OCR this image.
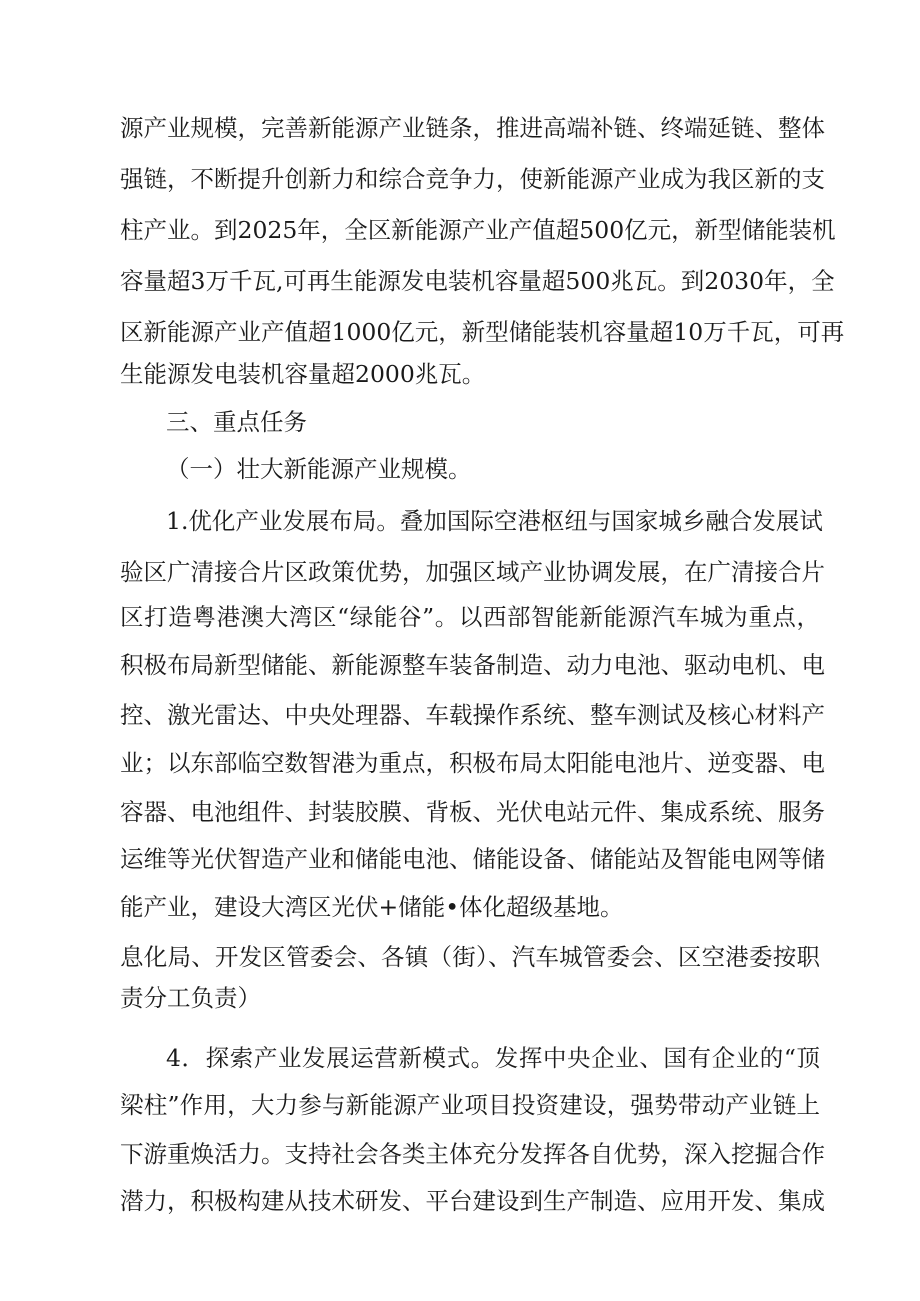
源产业规模，完善新能源产业链条，推进高端补链、终端延链、整体
强链，不断提升创新力和综合竞争力，使新能源产业成为我区新的支
柱产业。到2025年，全区新能源产业产值超500亿元，新型储能装机
容量超3万千瓦,可再生能源发电装机容量超500兆瓦。到2030年，全
区新能源产业产值超1000亿元，新型储能装机容量超10万千瓦，可再
生能源发电装机容量超2000兆瓦。
三、重点任务
（一）壮大新能源产业规模。
1.优化产业发展布局。叠加国际空港枢纽与国家城乡融合发展试
验区广清接合片区政策优势，加强区域产业协调发展，在广清接合片
区打造粤港澳大湾区“绿能谷”。以西部智能新能源汽车城为重点，
积极布局新型储能、新能源整车装备制造、动力电池、驱动电机、电
控、激光雷达、中央处理器、车载操作系统、整车测试及核心材料产
业；以东部临空数智港为重点，积极布局太阳能电池片、逆变器、电
容器、电池组件、封装胶膜、背板、光伏电站元件、集成系统、服务
运维等光伏智造产业和储能电池、储能设备、储能站及智能电网等储
能产业，建设大湾区光伏+储能•体化超级基地。
息化局、开发区管委会、各镇（街）、汽车城管委会、区空港委按职
责分工负责）
4．探索产业发展运营新模式。发挥中央企业、国有企业的“顶
梁柱”作用，大力参与新能源产业项目投资建设，强势带动产业链上
下游重焕活力。支持社会各类主体充分发挥各自优势，深入挖掘合作
潜力，积极构建从技术研发、平台建设到生产制造、应用开发、集成
